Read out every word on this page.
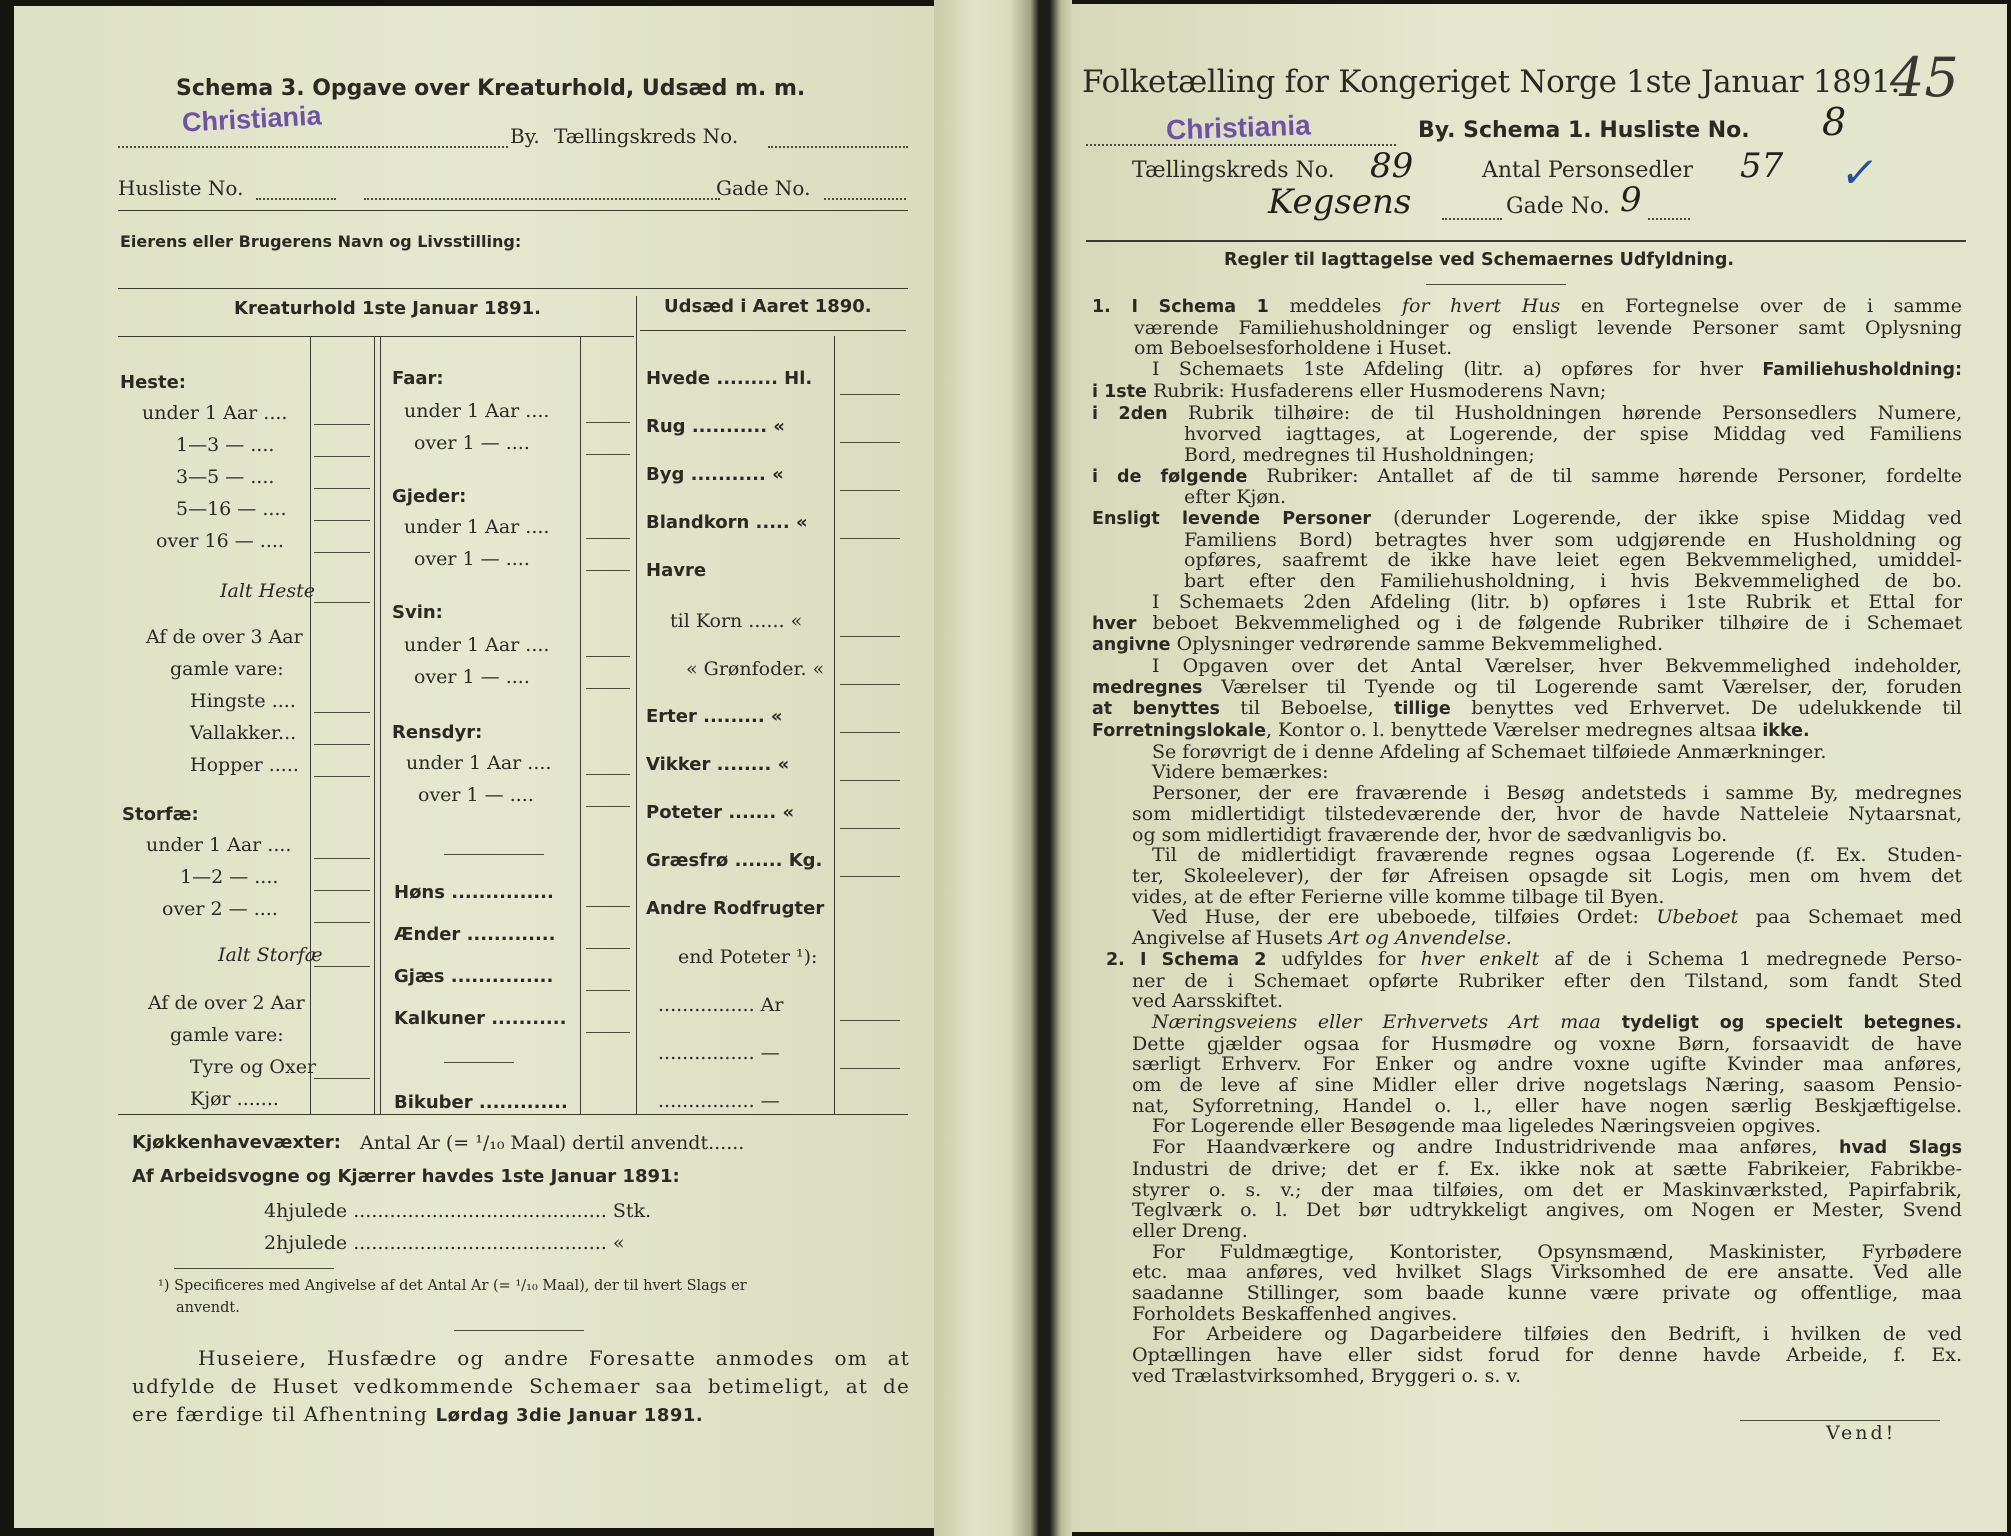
Schema 3. Opgave over Kreaturhold, Udsæd m. m.
Christiania	By. Tællingskreds No.
Husliste No.	Gade No.
Eierens eller Brugerens Navn og Livsstilling:
Kreaturhold 1ste Januar 1891.	Udsæd i Aaret 1890.
Heste:
under 1 Aar ....
1—3 — ....
3—5 — ....
5—16 — ....
over 16 — ....
Ialt Heste
Af de over 3 Aar
gamle vare:
Hingste ....
Vallakker...
Hopper .....
Storfæ:
under 1 Aar ....
1—2 — ....
over 2 — ....
Ialt Storfæ
Af de over 2 Aar
gamle vare:
Tyre og Oxer
Kjør .......
Faar:
under 1 Aar ....
over 1 — ....
Gjeder:
under 1 Aar ....
over 1 — ....
Svin:
under 1 Aar ....
over 1 — ....
Rensdyr:
under 1 Aar ....
over 1 — ....
Høns ...............
Ænder .............
Gjæs ...............
Kalkuner ...........
Bikuber .............
Hvede ......... Hl.
Rug ........... «
Byg ........... «
Blandkorn ..... «
Havre
til Korn ...... «
« Grønfoder. «
Erter ......... «
Vikker ........ «
Poteter ....... «
Græsfrø ....... Kg.
Andre Rodfrugter
end Poteter ¹):
................ Ar
................ —
................ —
Kjøkkenhavevæxter: Antal Ar (= ¹/₁₀ Maal) dertil anvendt......
Af Arbeidsvogne og Kjærrer havdes 1ste Januar 1891:
4hjulede .......................................... Stk.
2hjulede .......................................... «
¹) Specificeres med Angivelse af det Antal Ar (= ¹/₁₀ Maal), der til hvert Slags er
anvendt.
Huseiere, Husfædre og andre Foresatte anmodes om at
udfylde de Huset vedkommende Schemaer saa betimeligt, at de
ere færdige til Afhentning Lørdag 3die Januar 1891.
Folketælling for Kongeriget Norge 1ste Januar 1891.
45
Christiania	By. Schema 1. Husliste No. 8
Tællingskreds No. 89	Antal Personsedler 57 ✓
Kegsens	Gade No. 9
Regler til Iagttagelse ved Schemaernes Udfyldning.
1. I Schema 1 meddeles for hvert Hus en Fortegnelse over de i samme
værende Familiehusholdninger og ensligt levende Personer samt Oplysning
om Beboelsesforholdene i Huset.
I Schemaets 1ste Afdeling (litr. a) opføres for hver Familiehusholdning:
i 1ste Rubrik: Husfaderens eller Husmoderens Navn;
i 2den Rubrik tilhøire: de til Husholdningen hørende Personsedlers Numere,
hvorved iagttages, at Logerende, der spise Middag ved Familiens
Bord, medregnes til Husholdningen;
i de følgende Rubriker: Antallet af de til samme hørende Personer, fordelte
efter Kjøn.
Ensligt levende Personer (derunder Logerende, der ikke spise Middag ved
Familiens Bord) betragtes hver som udgjørende en Husholdning og
opføres, saafremt de ikke have leiet egen Bekvemmelighed, umiddel-
bart efter den Familiehusholdning, i hvis Bekvemmelighed de bo.
I Schemaets 2den Afdeling (litr. b) opføres i 1ste Rubrik et Ettal for
hver beboet Bekvemmelighed og i de følgende Rubriker tilhøire de i Schemaet
angivne Oplysninger vedrørende samme Bekvemmelighed.
I Opgaven over det Antal Værelser, hver Bekvemmelighed indeholder,
medregnes Værelser til Tyende og til Logerende samt Værelser, der, foruden
at benyttes til Beboelse, tillige benyttes ved Erhvervet. De udelukkende til
Forretningslokale, Kontor o. l. benyttede Værelser medregnes altsaa ikke.
Se forøvrigt de i denne Afdeling af Schemaet tilføiede Anmærkninger.
Videre bemærkes:
Personer, der ere fraværende i Besøg andetsteds i samme By, medregnes
som midlertidigt tilstedeværende der, hvor de havde Natteleie Nytaarsnat,
og som midlertidigt fraværende der, hvor de sædvanligvis bo.
Til de midlertidigt fraværende regnes ogsaa Logerende (f. Ex. Studen-
ter, Skoleelever), der før Afreisen opsagde sit Logis, men om hvem det
vides, at de efter Ferierne ville komme tilbage til Byen.
Ved Huse, der ere ubeboede, tilføies Ordet: Ubeboet paa Schemaet med
Angivelse af Husets Art og Anvendelse.
2. I Schema 2 udfyldes for hver enkelt af de i Schema 1 medregnede Perso-
ner de i Schemaet opførte Rubriker efter den Tilstand, som fandt Sted
ved Aarsskiftet.
Næringsveiens eller Erhvervets Art maa tydeligt og specielt betegnes.
Dette gjælder ogsaa for Husmødre og voxne Børn, forsaavidt de have
særligt Erhverv. For Enker og andre voxne ugifte Kvinder maa anføres,
om de leve af sine Midler eller drive nogetslags Næring, saasom Pensio-
nat, Syforretning, Handel o. l., eller have nogen særlig Beskjæftigelse.
For Logerende eller Besøgende maa ligeledes Næringsveien opgives.
For Haandværkere og andre Industridrivende maa anføres, hvad Slags
Industri de drive; det er f. Ex. ikke nok at sætte Fabrikeier, Fabrikbe-
styrer o. s. v.; der maa tilføies, om det er Maskinværksted, Papirfabrik,
Teglværk o. l. Det bør udtrykkeligt angives, om Nogen er Mester, Svend
eller Dreng.
For Fuldmægtige, Kontorister, Opsynsmænd, Maskinister, Fyrbødere
etc. maa anføres, ved hvilket Slags Virksomhed de ere ansatte. Ved alle
saadanne Stillinger, som baade kunne være private og offentlige, maa
Forholdets Beskaffenhed angives.
For Arbeidere og Dagarbeidere tilføies den Bedrift, i hvilken de ved
Optællingen have eller sidst forud for denne havde Arbeide, f. Ex.
ved Trælastvirksomhed, Bryggeri o. s. v.
Vend!
